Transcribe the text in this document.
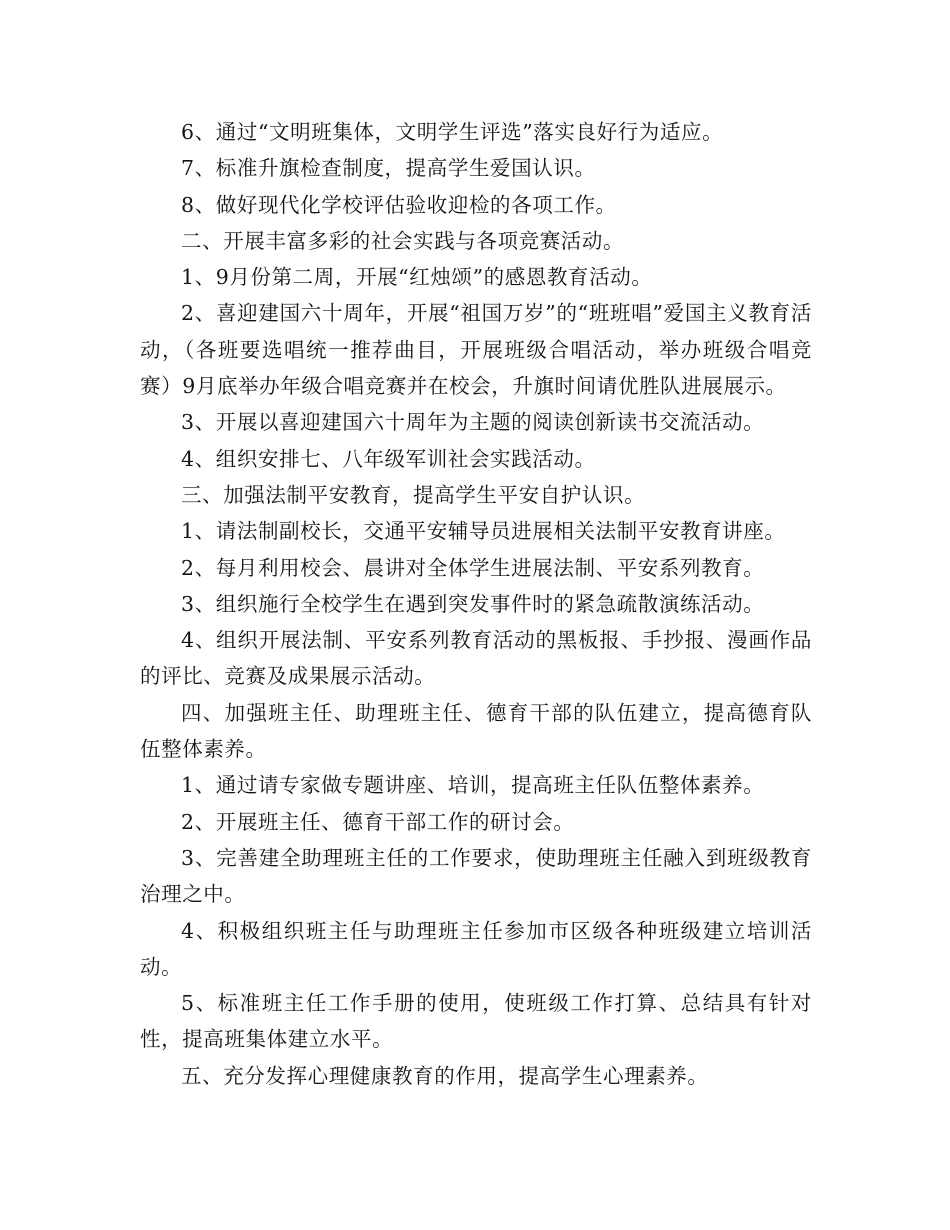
6、通过“文明班集体，文明学生评选”落实良好行为适应。

7、标准升旗检查制度，提高学生爱国认识。

8、做好现代化学校评估验收迎检的各项工作。

二、开展丰富多彩的社会实践与各项竞赛活动。

1、9月份第二周，开展“红烛颂”的感恩教育活动。

2、喜迎建国六十周年，开展“祖国万岁”的“班班唱”爱国主义教育活动，（各班要选唱统一推荐曲目，开展班级合唱活动，举办班级合唱竞赛）9月底举办年级合唱竞赛并在校会，升旗时间请优胜队进展展示。

3、开展以喜迎建国六十周年为主题的阅读创新读书交流活动。

4、组织安排七、八年级军训社会实践活动。

三、加强法制平安教育，提高学生平安自护认识。

1、请法制副校长，交通平安辅导员进展相关法制平安教育讲座。

2、每月利用校会、晨讲对全体学生进展法制、平安系列教育。

3、组织施行全校学生在遇到突发事件时的紧急疏散演练活动。

4、组织开展法制、平安系列教育活动的黑板报、手抄报、漫画作品的评比、竞赛及成果展示活动。

四、加强班主任、助理班主任、德育干部的队伍建立，提高德育队伍整体素养。

1、通过请专家做专题讲座、培训，提高班主任队伍整体素养。

2、开展班主任、德育干部工作的研讨会。

3、完善建全助理班主任的工作要求，使助理班主任融入到班级教育治理之中。

4、积极组织班主任与助理班主任参加市区级各种班级建立培训活动。

5、标准班主任工作手册的使用，使班级工作打算、总结具有针对性，提高班集体建立水平。

五、充分发挥心理健康教育的作用，提高学生心理素养。
